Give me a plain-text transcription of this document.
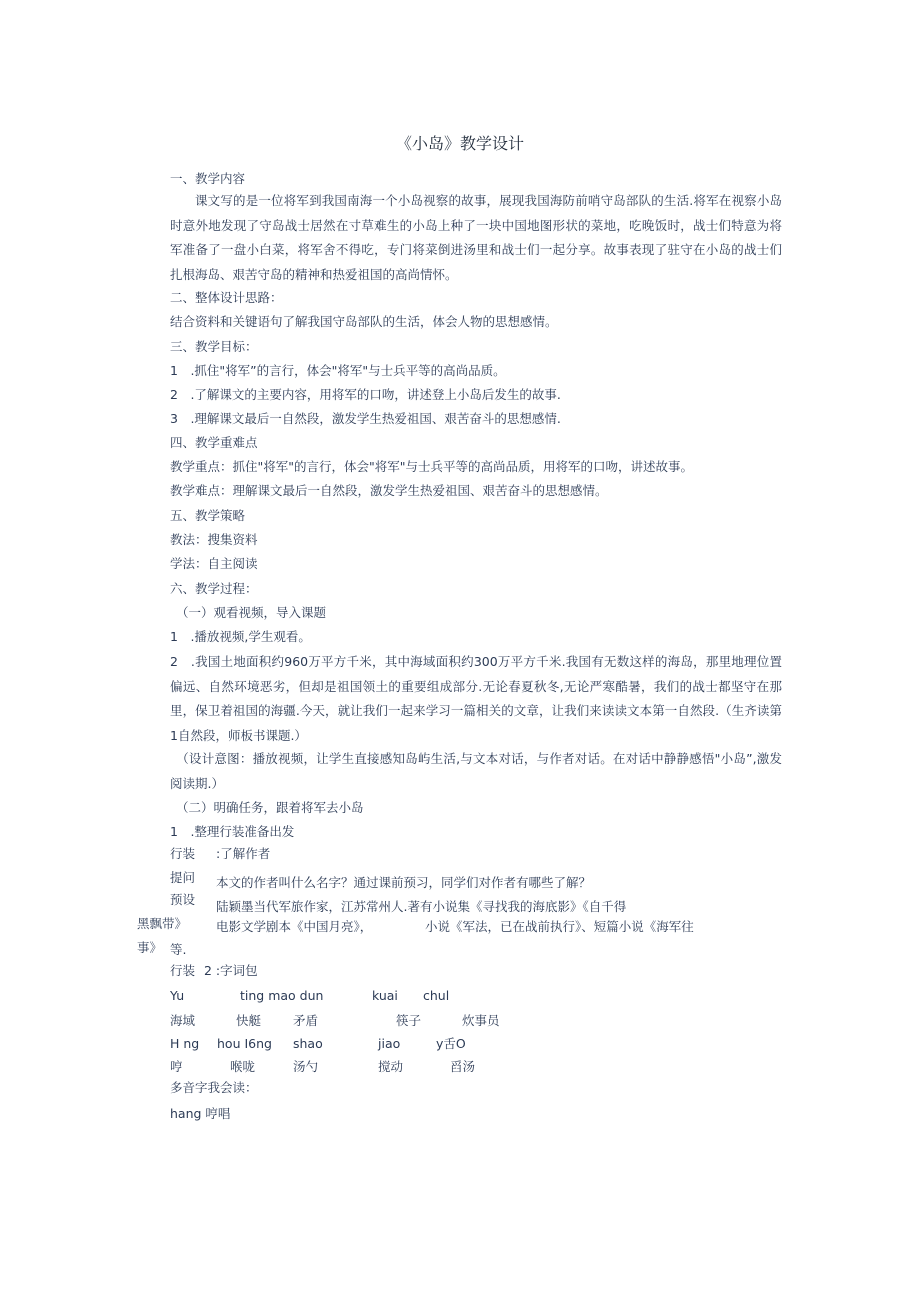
《小岛》教学设计
一、教学内容
课文写的是一位将军到我国南海一个小岛视察的故事，展现我国海防前哨守岛部队的生活.将军在视察小岛时意外地发现了守岛战士居然在寸草难生的小岛上种了一块中国地图形状的菜地，吃晚饭时，战士们特意为将军准备了一盘小白菜，将军舍不得吃，专门将菜倒进汤里和战士们一起分享。故事表现了驻守在小岛的战士们扎根海岛、艰苦守岛的精神和热爱祖国的高尚情怀。
二、整体设计思路：
结合资料和关键语句了解我国守岛部队的生活，体会人物的思想感情。
三、教学目标：
1　.抓住"将军”的言行，体会"将军"与士兵平等的高尚品质。
2　.了解课文的主要内容，用将军的口吻，讲述登上小岛后发生的故事.
3　.理解课文最后一自然段，激发学生热爱祖国、艰苦奋斗的思想感情.
四、教学重难点
教学重点：抓住"将军"的言行，体会"将军"与士兵平等的高尚品质，用将军的口吻，讲述故事。
教学难点：理解课文最后一自然段，激发学生热爱祖国、艰苦奋斗的思想感情。
五、教学策略
教法：搜集资料
学法：自主阅读
六、教学过程：
（一）观看视频，导入课题
1　.播放视频,学生观看。
2　.我国土地面积约960万平方千米，其中海域面积约300万平方千米.我国有无数这样的海岛，那里地理位置偏远、自然环境恶劣，但却是祖国领土的重要组成部分.无论春夏秋冬,无论严寒酷暑，我们的战士都坚守在那里，保卫着祖国的海疆.今天，就让我们一起来学习一篇相关的文章，让我们来读读文本第一自然段.（生齐读第1自然段，师板书课题.）
（设计意图：播放视频，让学生直接感知岛屿生活,与文本对话，与作者对话。在对话中静静感悟"小岛”,激发阅读期.）
（二）明确任务，跟着将军去小岛
1　.整理行装准备出发
行装 :了解作者
提问 本文的作者叫什么名字？通过课前预习，同学们对作者有哪些了解？
预设 陆颖墨当代军旅作家，江苏常州人.著有小说集《寻找我的海底影》《自千得
黑飘带》 电影文学剧本《中国月亮》，	小说《军法，已在战前执行》、短篇小说《海军往
事》 等.
行装 2 :字词包
Yu	ting mao dun	kuai chul
海域	快艇	矛盾	筷子	炊事员
H ng hou I6ng shao	jiao	y舌O
哼	喉咙	汤勺	搅动	舀汤
多音字我会读：
hang 哼唱
